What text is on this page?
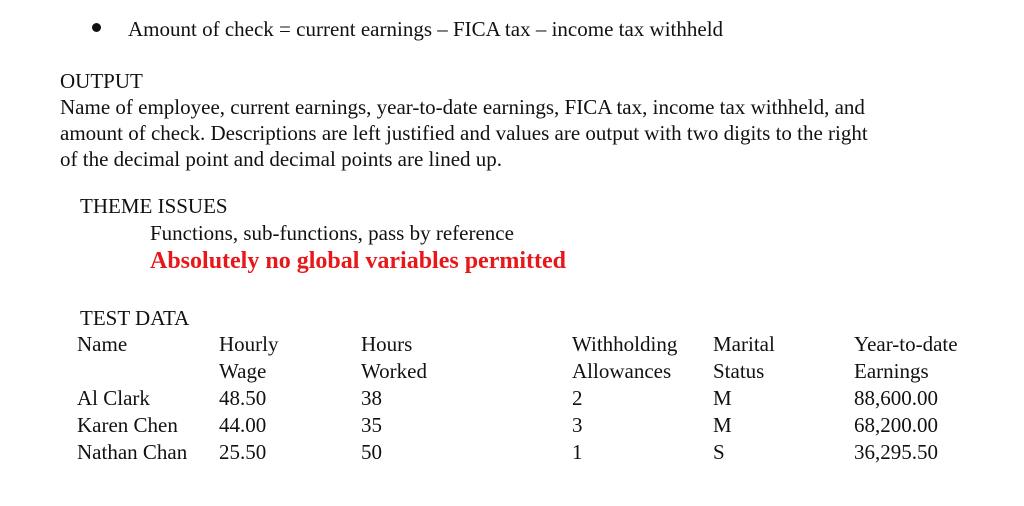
Amount of check = current earnings – FICA tax – income tax withheld
OUTPUT
Name of employee, current earnings, year-to-date earnings, FICA tax, income tax withheld, and
amount of check. Descriptions are left justified and values are output with two digits to the right
of the decimal point and decimal points are lined up.
THEME ISSUES
Functions, sub-functions, pass by reference
Absolutely no global variables permitted
TEST DATA
Name	Hourly	Hours	Withholding	Marital	Year-to-date
	Wage	Worked	Allowances	Status	Earnings
Al Clark	48.50	38	2	M	88,600.00
Karen Chen	44.00	35	3	M	68,200.00
Nathan Chan	25.50	50	1	S	36,295.50
